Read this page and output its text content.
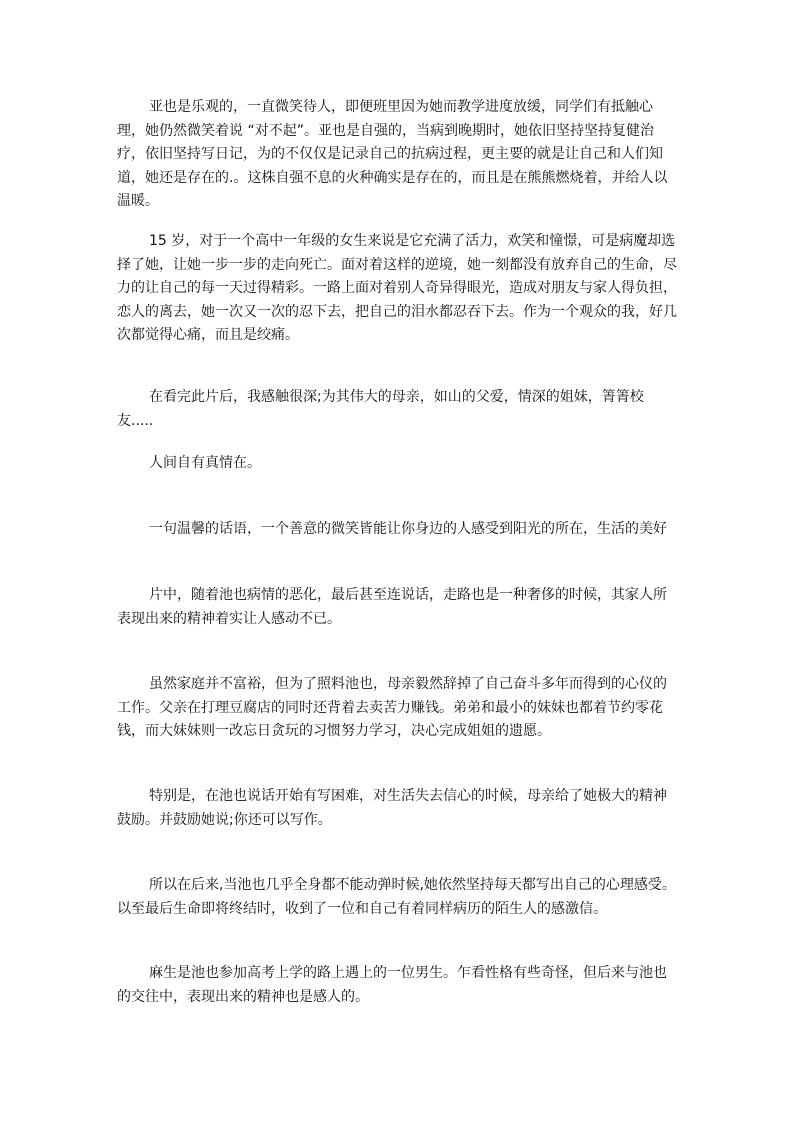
亚也是乐观的，一直微笑待人，即便班里因为她而教学进度放缓，同学们有抵触心理，她仍然微笑着说 “对不起”。亚也是自强的，当病到晚期时，她依旧坚持坚持复健治疗，依旧坚持写日记，为的不仅仅是记录自己的抗病过程，更主要的就是让自己和人们知道，她还是存在的.。这株自强不息的火种确实是存在的，而且是在熊熊燃烧着，并给人以温暖。

15 岁，对于一个高中一年级的女生来说是它充满了活力，欢笑和憧憬，可是病魔却选择了她，让她一步一步的走向死亡。面对着这样的逆境，她一刻都没有放弃自己的生命，尽力的让自己的每一天过得精彩。一路上面对着别人奇异得眼光，造成对朋友与家人得负担，恋人的离去，她一次又一次的忍下去，把自己的泪水都忍吞下去。作为一个观众的我，好几次都觉得心痛，而且是绞痛。

在看完此片后，我感触很深;为其伟大的母亲，如山的父爱，情深的姐妹，箐箐校友.....

人间自有真情在。

一句温馨的话语，一个善意的微笑皆能让你身边的人感受到阳光的所在，生活的美好

片中，随着池也病情的恶化，最后甚至连说话，走路也是一种奢侈的时候，其家人所表现出来的精神着实让人感动不已。

虽然家庭并不富裕，但为了照料池也，母亲毅然辞掉了自己奋斗多年而得到的心仪的工作。父亲在打理豆腐店的同时还背着去卖苦力赚钱。弟弟和最小的妹妹也都着节约零花钱，而大妹妹则一改忘日贪玩的习惯努力学习，决心完成姐姐的遗愿。

特别是，在池也说话开始有写困难，对生活失去信心的时候，母亲给了她极大的精神鼓励。并鼓励她说;你还可以写作。

所以在后来,当池也几乎全身都不能动弹时候,她依然坚持每天都写出自己的心理感受。以至最后生命即将终结时，收到了一位和自己有着同样病历的陌生人的感激信。

麻生是池也参加高考上学的路上遇上的一位男生。乍看性格有些奇怪，但后来与池也的交往中，表现出来的精神也是感人的。
